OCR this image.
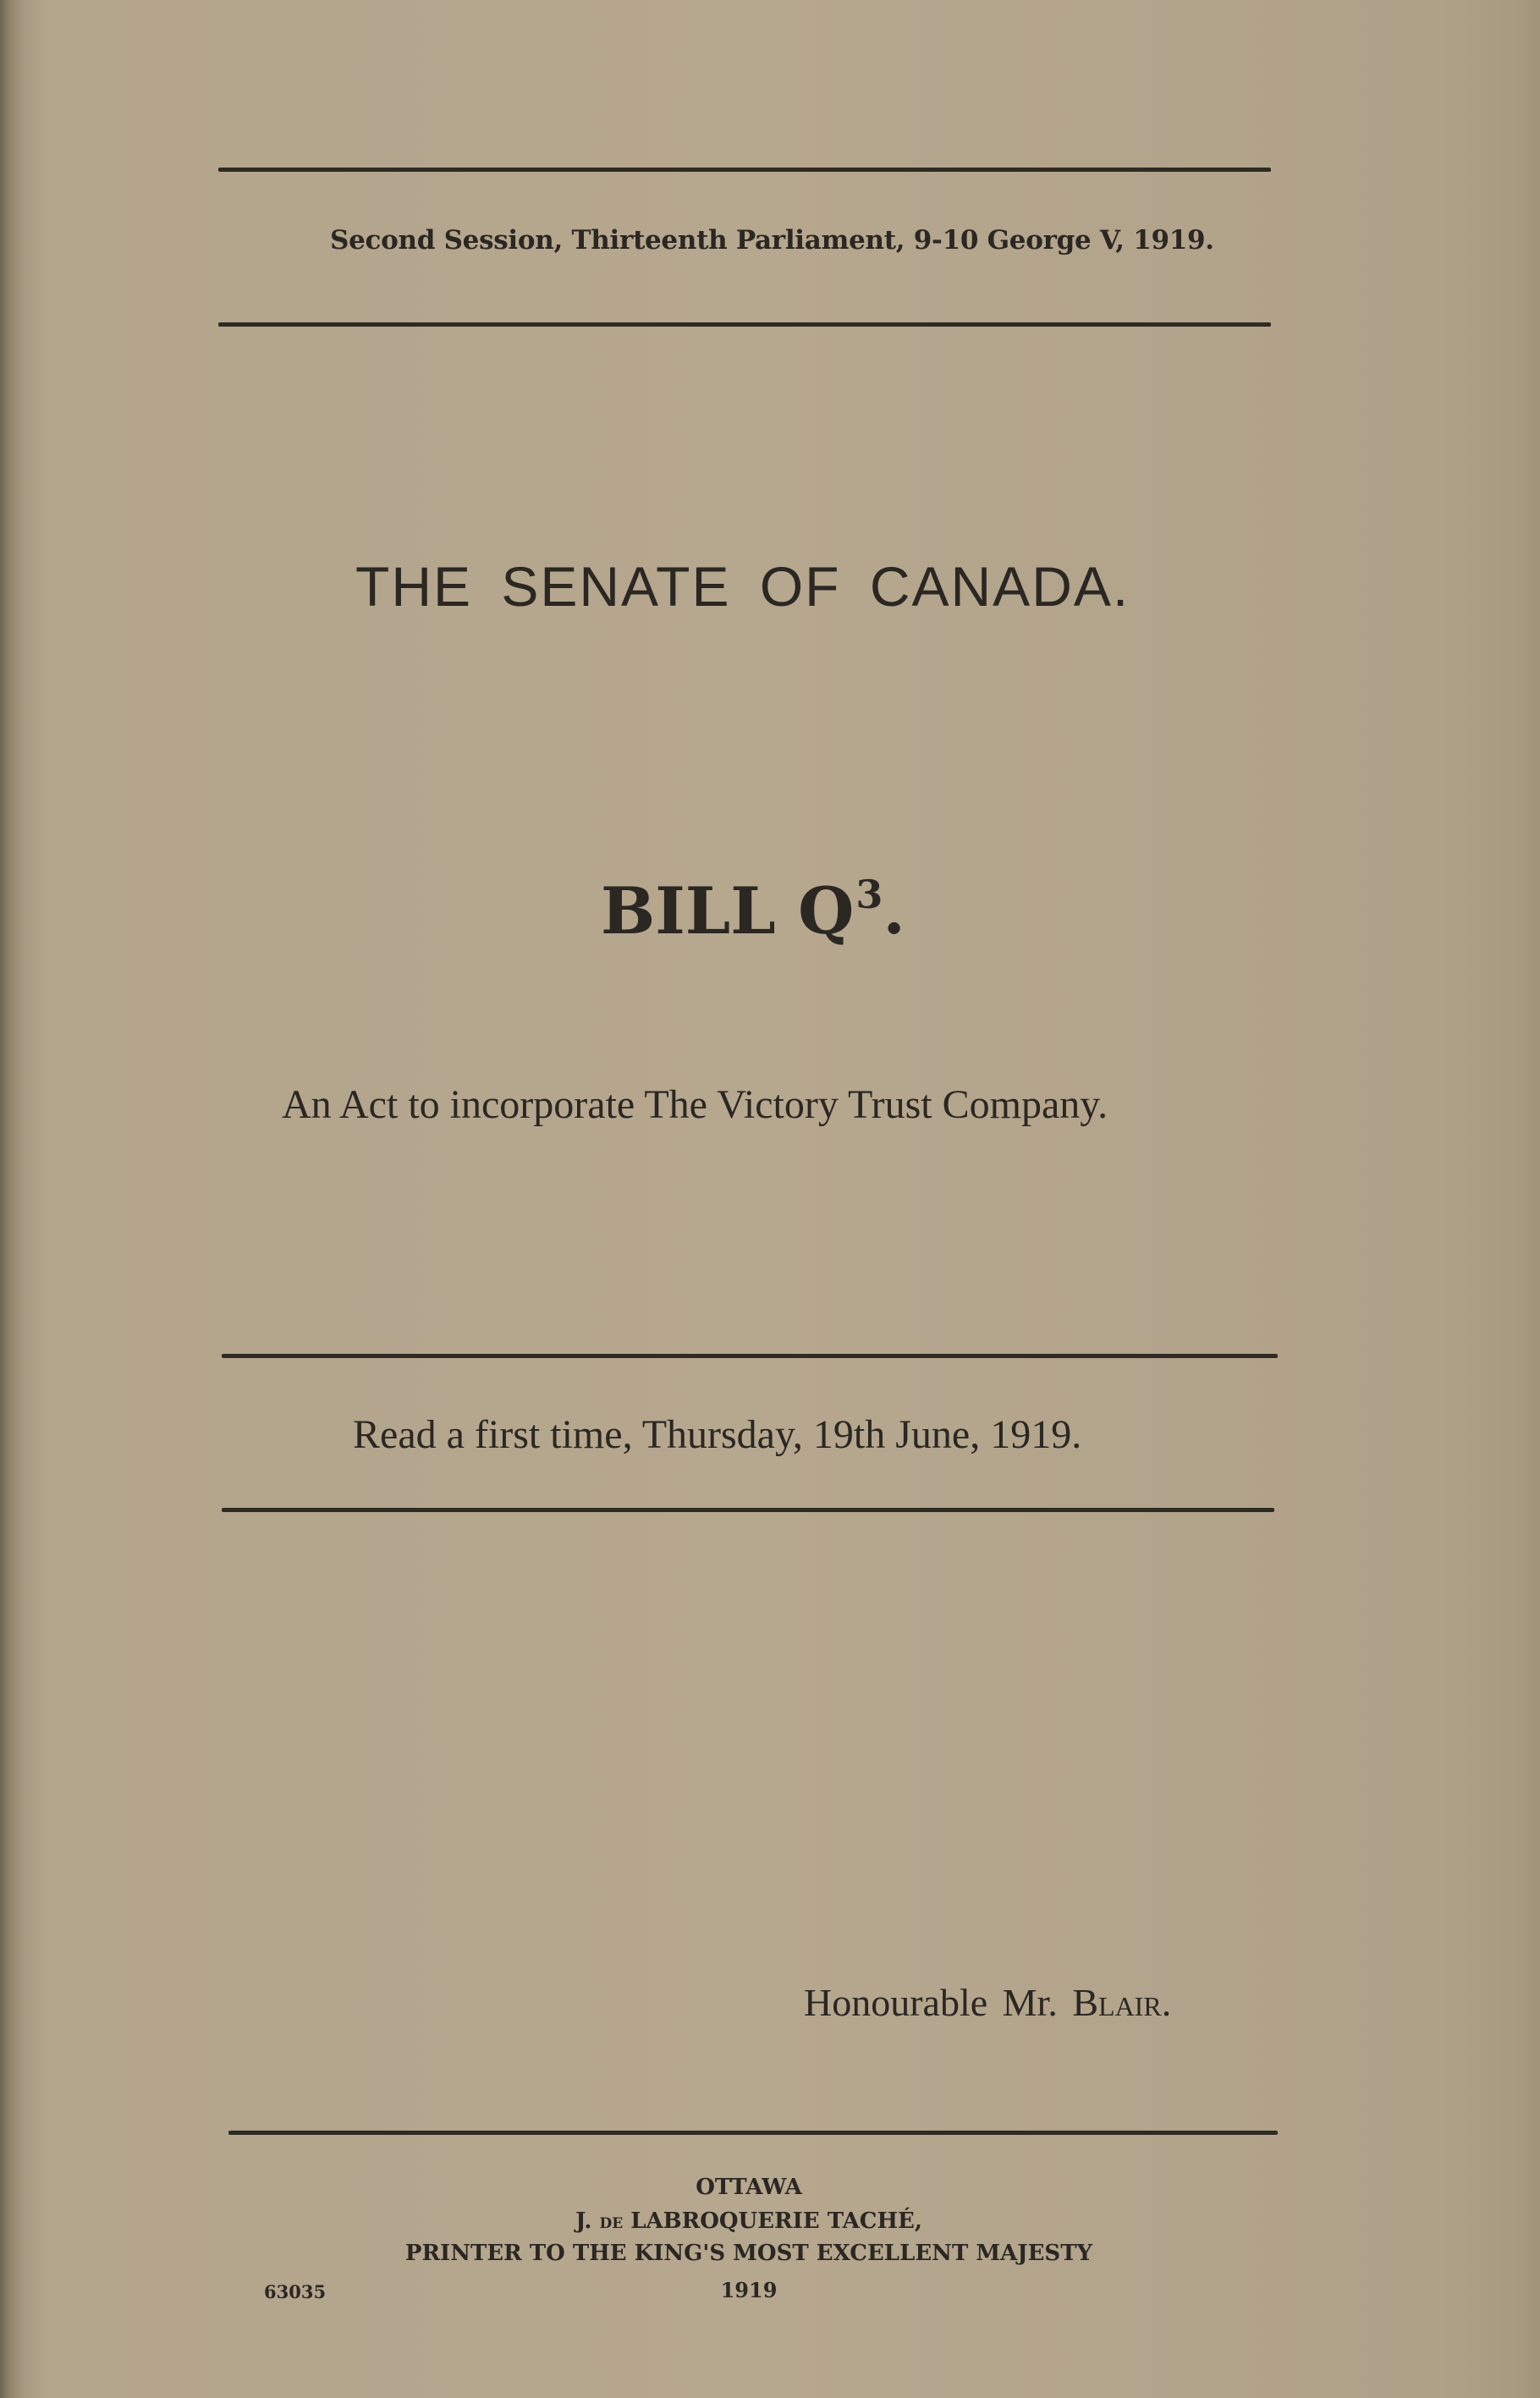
Second Session, Thirteenth Parliament, 9-10 George V, 1919.
THE SENATE OF CANADA.
BILL $Q^3$.
An Act to incorporate The Victory Trust Company.
Read a first time, Thursday, 19th June, 1919.
Honourable Mr. Blair.
OTTAWA
J. DE LABROQUERIE TACHÉ,
PRINTER TO THE KING'S MOST EXCELLENT MAJESTY
1919
63035
